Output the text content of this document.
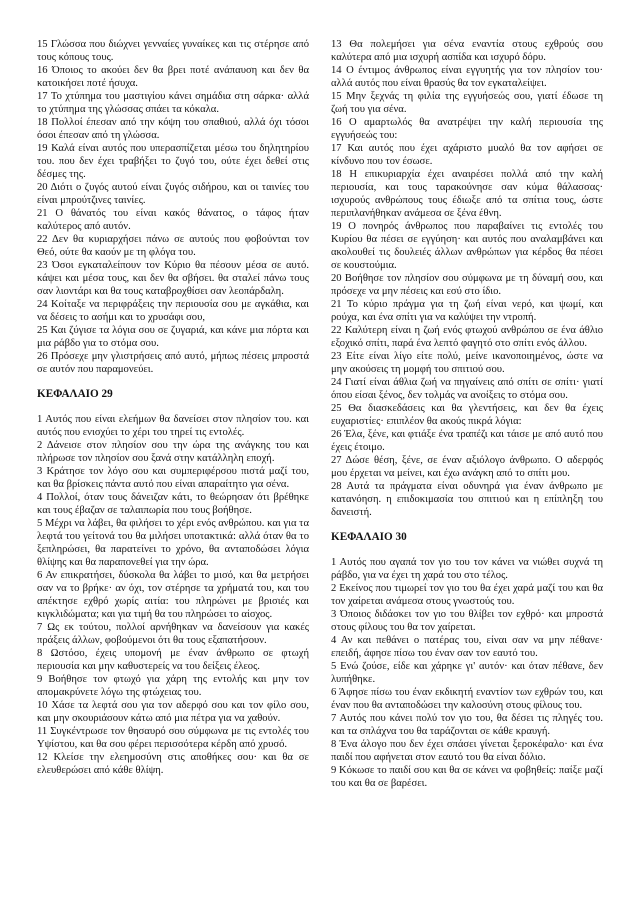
15 Γλώσσα που διώχνει γενναίες γυναίκες και τις στέρησε από τους κόπους τους.

16 Όποιος το ακούει δεν θα βρει ποτέ ανάπαυση και δεν θα κατοικήσει ποτέ ήσυχα.

17 Το χτύπημα του μαστιγίου κάνει σημάδια στη σάρκα· αλλά το χτύπημα της γλώσσας σπάει τα κόκαλα.

18 Πολλοί έπεσαν από την κόψη του σπαθιού, αλλά όχι τόσοι όσοι έπεσαν από τη γλώσσα.

19 Καλά είναι αυτός που υπερασπίζεται μέσω του δηλητηρίου του. που δεν έχει τραβήξει το ζυγό του, ούτε έχει δεθεί στις δέσμες της.

20 Διότι ο ζυγός αυτού είναι ζυγός σιδήρου, και οι ταινίες του είναι μπρούτζινες ταινίες.

21 Ο θάνατός του είναι κακός θάνατος, ο τάφος ήταν καλύτερος από αυτόν.

22 Δεν θα κυριαρχήσει πάνω σε αυτούς που φοβούνται τον Θεό, ούτε θα καούν με τη φλόγα του.

23 Όσοι εγκαταλείπουν τον Κύριο θα πέσουν μέσα σε αυτό. κάψει και μέσα τους, και δεν θα σβήσει. θα σταλεί πάνω τους σαν λιοντάρι και θα τους καταβροχθίσει σαν λεοπάρδαλη.

24 Κοίταξε να περιφράξεις την περιουσία σου με αγκάθια, και να δέσεις το ασήμι και το χρυσάφι σου,

25 Και ζύγισε τα λόγια σου σε ζυγαριά, και κάνε μια πόρτα και μια ράβδο για το στόμα σου.

26 Πρόσεχε μην γλιστρήσεις από αυτό, μήπως πέσεις μπροστά σε αυτόν που παραμονεύει.

ΚΕΦΑΛΑΙΟ 29

1 Αυτός που είναι ελεήμων θα δανείσει στον πλησίον του. και αυτός που ενισχύει το χέρι του τηρεί τις εντολές.

2 Δάνεισε στον πλησίον σου την ώρα της ανάγκης του και πλήρωσε τον πλησίον σου ξανά στην κατάλληλη εποχή.

3 Κράτησε τον λόγο σου και συμπεριφέρσου πιστά μαζί του, και θα βρίσκεις πάντα αυτό που είναι απαραίτητο για σένα.

4 Πολλοί, όταν τους δάνειζαν κάτι, το θεώρησαν ότι βρέθηκε και τους έβαζαν σε ταλαιπωρία που τους βοήθησε.

5 Μέχρι να λάβει, θα φιλήσει το χέρι ενός ανθρώπου. και για τα λεφτά του γείτονά του θα μιλήσει υποτακτικά: αλλά όταν θα το ξεπληρώσει, θα παρατείνει το χρόνο, θα ανταποδώσει λόγια θλίψης και θα παραπονεθεί για την ώρα.

6 Αν επικρατήσει, δύσκολα θα λάβει το μισό, και θα μετρήσει σαν να το βρήκε· αν όχι, τον στέρησε τα χρήματά του, και του απέκτησε εχθρό χωρίς αιτία: του πληρώνει με βρισιές και κιγκλιδώματα; και για τιμή θα του πληρώσει το αίσχος.

7 Ως εκ τούτου, πολλοί αρνήθηκαν να δανείσουν για κακές πράξεις άλλων, φοβούμενοι ότι θα τους εξαπατήσουν.

8 Ωστόσο, έχεις υπομονή με έναν άνθρωπο σε φτωχή περιουσία και μην καθυστερείς να του δείξεις έλεος.

9 Βοήθησε τον φτωχό για χάρη της εντολής και μην τον απομακρύνετε λόγω της φτώχειας του.

10 Χάσε τα λεφτά σου για τον αδερφό σου και τον φίλο σου, και μην σκουριάσουν κάτω από μια πέτρα για να χαθούν.

11 Συγκέντρωσε τον θησαυρό σου σύμφωνα με τις εντολές του Υψίστου, και θα σου φέρει περισσότερα κέρδη από χρυσό.

12 Κλείσε την ελεημοσύνη στις αποθήκες σου· και θα σε ελευθερώσει από κάθε θλίψη.

13 Θα πολεμήσει για σένα εναντία στους εχθρούς σου καλύτερα από μια ισχυρή ασπίδα και ισχυρό δόρυ.

14 Ο έντιμος άνθρωπος είναι εγγυητής για τον πλησίον του· αλλά αυτός που είναι θρασύς θα τον εγκαταλείψει.

15 Μην ξεχνάς τη φιλία της εγγυήσεώς σου, γιατί έδωσε τη ζωή του για σένα.

16 Ο αμαρτωλός θα ανατρέψει την καλή περιουσία της εγγυήσεώς του:

17 Και αυτός που έχει αχάριστο μυαλό θα τον αφήσει σε κίνδυνο που τον έσωσε.

18 Η επικυριαρχία έχει αναιρέσει πολλά από την καλή περιουσία, και τους ταρακούνησε σαν κύμα θάλασσας· ισχυρούς ανθρώπους τους έδιωξε από τα σπίτια τους, ώστε περιπλανήθηκαν ανάμεσα σε ξένα έθνη.

19 Ο πονηρός άνθρωπος που παραβαίνει τις εντολές του Κυρίου θα πέσει σε εγγύηση· και αυτός που αναλαμβάνει και ακολουθεί τις δουλειές άλλων ανθρώπων για κέρδος θα πέσει σε κουστούμια.

20 Βοήθησε τον πλησίον σου σύμφωνα με τη δύναμή σου, και πρόσεχε να μην πέσεις και εσύ στο ίδιο.

21 Το κύριο πράγμα για τη ζωή είναι νερό, και ψωμί, και ρούχα, και ένα σπίτι για να καλύψει την ντροπή.

22 Καλύτερη είναι η ζωή ενός φτωχού ανθρώπου σε ένα άθλιο εξοχικό σπίτι, παρά ένα λεπτό φαγητό στο σπίτι ενός άλλου.

23 Είτε είναι λίγο είτε πολύ, μείνε ικανοποιημένος, ώστε να μην ακούσεις τη μομφή του σπιτιού σου.

24 Γιατί είναι άθλια ζωή να πηγαίνεις από σπίτι σε σπίτι· γιατί όπου είσαι ξένος, δεν τολμάς να ανοίξεις το στόμα σου.

25 Θα διασκεδάσεις και θα γλεντήσεις, και δεν θα έχεις ευχαριστίες· επιπλέον θα ακούς πικρά λόγια:

26 Έλα, ξένε, και φτιάξε ένα τραπέζι και τάισε με από αυτό που έχεις έτοιμο.

27 Δώσε θέση, ξένε, σε έναν αξιόλογο άνθρωπο. Ο αδερφός μου έρχεται να μείνει, και έχω ανάγκη από το σπίτι μου.

28 Αυτά τα πράγματα είναι οδυνηρά για έναν άνθρωπο με κατανόηση. η επιδοκιμασία του σπιτιού και η επίπληξη του δανειστή.

ΚΕΦΑΛΑΙΟ 30

1 Αυτός που αγαπά τον γιο του τον κάνει να νιώθει συχνά τη ράβδο, για να έχει τη χαρά του στο τέλος.

2 Εκείνος που τιμωρεί τον γιο του θα έχει χαρά μαζί του και θα τον χαίρεται ανάμεσα στους γνωστούς του.

3 Όποιος διδάσκει τον γιο του θλίβει τον εχθρό· και μπροστά στους φίλους του θα τον χαίρεται.

4 Αν και πεθάνει ο πατέρας του, είναι σαν να μην πέθανε· επειδή, άφησε πίσω του έναν σαν τον εαυτό του.

5 Ενώ ζούσε, είδε και χάρηκε γι' αυτόν· και όταν πέθανε, δεν λυπήθηκε.

6 Άφησε πίσω του έναν εκδικητή εναντίον των εχθρών του, και έναν που θα ανταποδώσει την καλοσύνη στους φίλους του.

7 Αυτός που κάνει πολύ τον γιο του, θα δέσει τις πληγές του. και τα σπλάχνα του θα ταράζονται σε κάθε κραυγή.

8 Ένα άλογο που δεν έχει σπάσει γίνεται ξεροκέφαλο· και ένα παιδί που αφήνεται στον εαυτό του θα είναι δόλιο.

9 Κόκωσε το παιδί σου και θα σε κάνει να φοβηθείς: παίξε μαζί του και θα σε βαρέσει.
